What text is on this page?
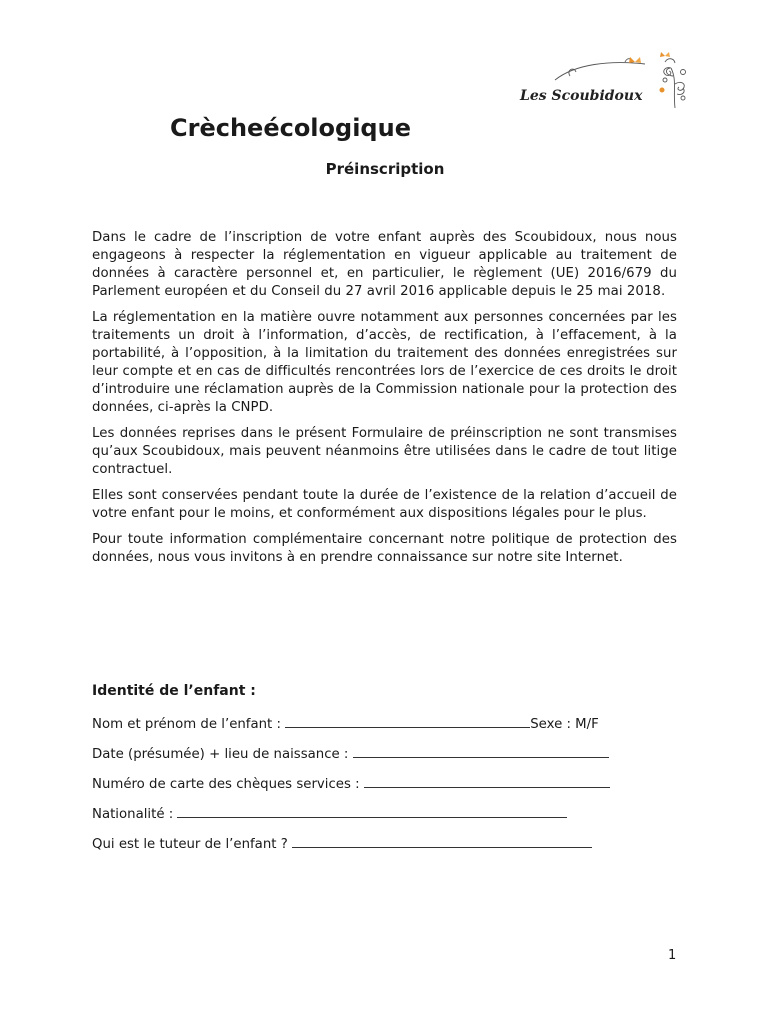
Les Scoubidoux
Crècheécologique
Préinscription

Dans le cadre de l’inscription de votre enfant auprès des Scoubidoux, nous nous engageons à respecter la réglementation en vigueur applicable au traitement de données à caractère personnel et, en particulier, le règlement (UE) 2016/679 du Parlement européen et du Conseil du 27 avril 2016 applicable depuis le 25 mai 2018.

La réglementation en la matière ouvre notamment aux personnes concernées par les traitements un droit à l’information, d’accès, de rectification, à l’effacement, à la portabilité, à l’opposition, à la limitation du traitement des données enregistrées sur leur compte et en cas de difficultés rencontrées lors de l’exercice de ces droits le droit d’introduire une réclamation auprès de la Commission nationale pour la protection des données, ci-après la CNPD.

Les données reprises dans le présent Formulaire de préinscription ne sont transmises qu’aux Scoubidoux, mais peuvent néanmoins être utilisées dans le cadre de tout litige contractuel.

Elles sont conservées pendant toute la durée de l’existence de la relation d’accueil de votre enfant pour le moins, et conformément aux dispositions légales pour le plus.

Pour toute information complémentaire concernant notre politique de protection des données, nous vous invitons à en prendre connaissance sur notre site Internet.

Identité de l’enfant :
Nom et prénom de l’enfant :	Sexe : M/F
Date (présumée) + lieu de naissance :
Numéro de carte des chèques services :
Nationalité :
Qui est le tuteur de l’enfant ?
1
